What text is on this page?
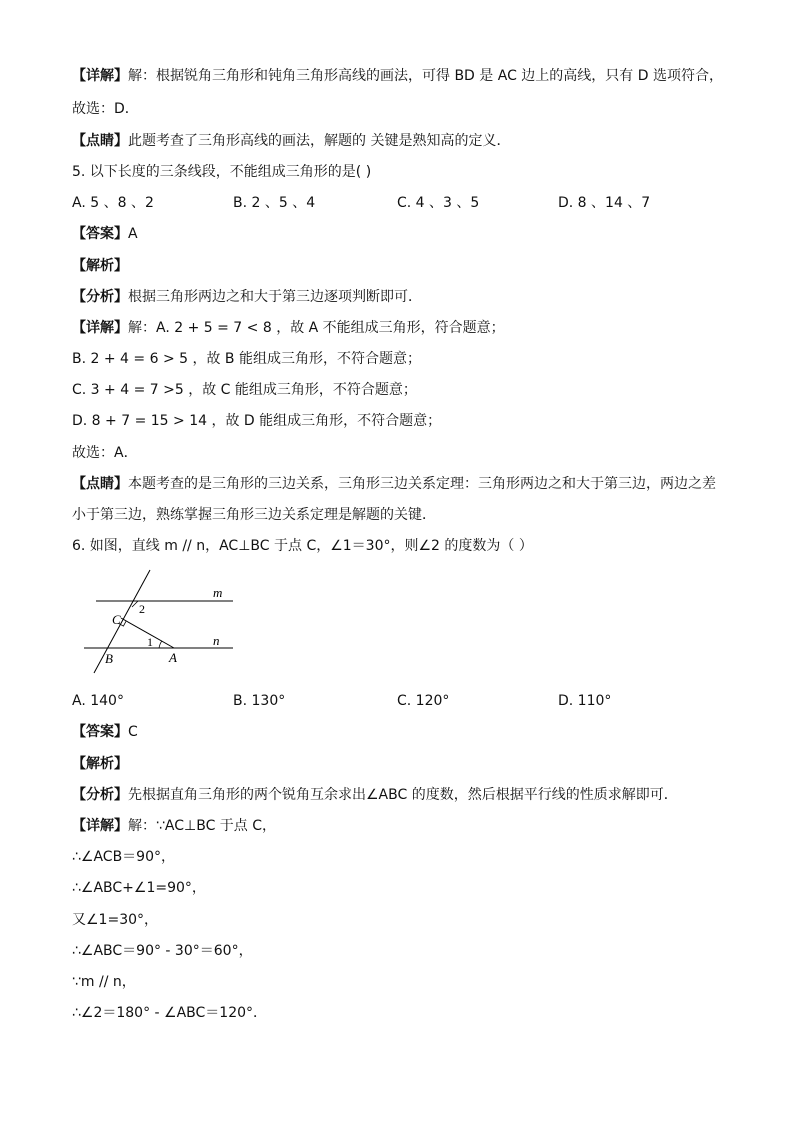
【详解】解：根据锐角三角形和钝角三角形高线的画法，可得 BD 是 AC 边上的高线，只有 D 选项符合，
故选：D．
【点睛】此题考查了三角形高线的画法，解题的 关键是熟知高的定义．
5. 以下长度的三条线段，不能组成三角形的是( )
A. 5 、8 、2	B. 2 、5 、4	C. 4 、3 、5	D. 8 、14 、7
【答案】A
【解析】
【分析】根据三角形两边之和大于第三边逐项判断即可．
【详解】解：A. 2 + 5 = 7 < 8 ，故 A 不能组成三角形，符合题意；
B. 2 + 4 = 6 > 5 ，故 B 能组成三角形，不符合题意；
C. 3 + 4 = 7 >5 ，故 C 能组成三角形，不符合题意；
D. 8 + 7 = 15 > 14 ，故 D 能组成三角形，不符合题意；
故选：A．
【点睛】本题考查的是三角形的三边关系，三角形三边关系定理：三角形两边之和大于第三边，两边之差
小于第三边，熟练掌握三角形三边关系定理是解题的关键．
6. 如图，直线 m // n，AC⊥BC 于点 C，∠1＝30°，则∠2 的度数为（ ）
m
n
C
B	A
1
2
A. 140°	B. 130°	C. 120°	D. 110°
【答案】C
【解析】
【分析】先根据直角三角形的两个锐角互余求出∠ABC 的度数，然后根据平行线的性质求解即可．
【详解】解：∵AC⊥BC 于点 C，
∴∠ACB＝90°，
∴∠ABC+∠1=90°，
又∠1=30°，
∴∠ABC＝90° - 30°＝60°，
∵m // n，
∴∠2＝180° - ∠ABC＝120°．
